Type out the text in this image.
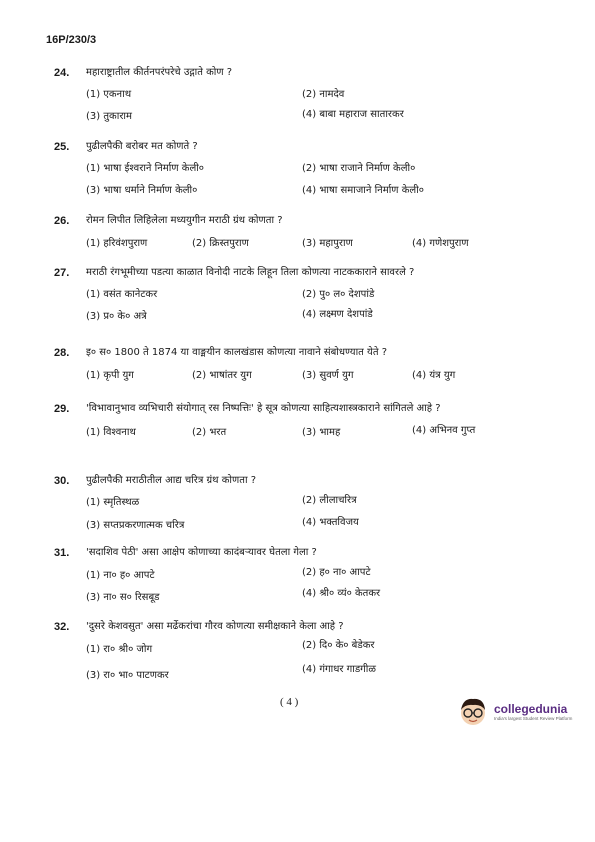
16P/230/3
24.	महाराष्ट्रातील कीर्तनपरंपरेचे उद्गाते कोण ?
(1) एकनाथ	(2) नामदेव
(3) तुकाराम	(4) बाबा महाराज सातारकर
25.	पुढीलपैकी बरोबर मत कोणते ?
(1) भाषा ईश्वराने निर्माण केली०	(2) भाषा राजाने निर्माण केली०
(3) भाषा धर्माने निर्माण केली०	(4) भाषा समाजाने निर्माण केली०
26.	रोमन लिपीत लिहिलेला मध्ययुगीन मराठी ग्रंथ कोणता ?
(1) हरिवंशपुराण	(2) क्रिस्तपुराण	(3) महापुराण	(4) गणेशपुराण
27.	मराठी रंगभूमीच्या पडत्या काळात विनोदी नाटके लिहून तिला कोणत्या नाटककाराने सावरले ?
(1) वसंत कानेटकर	(2) पु० ल० देशपांडे
(3) प्र० के० अत्रे	(4) लक्ष्मण देशपांडे
28.	इ० स० 1800 ते 1874 या वाङ्मयीन कालखंडास कोणत्या नावाने संबोधण्यात येते ?
(1) कृपी युग	(2) भाषांतर युग	(3) सुवर्ण युग	(4) यंत्र युग
29.	'विभावानुभाव व्यभिचारी संयोगात् रस निष्पत्तिः' हे सूत्र कोणत्या साहित्यशास्त्रकाराने सांगितले आहे ?
(1) विश्वनाथ	(2) भरत	(3) भामह	(4) अभिनव गुप्त
30.	पुढीलपैकी मराठीतील आद्य चरित्र ग्रंथ कोणता ?
(1) स्मृतिस्थळ	(2) लीलाचरित्र
(3) सप्तप्रकरणात्मक चरित्र	(4) भक्तविजय
31.	'सदाशिव पेठी' असा आक्षेप कोणाच्या कादंबऱ्यावर घेतला गेला ?
(1) ना० ह० आपटे	(2) ह० ना० आपटे
(3) ना० स० रिसबूड	(4) श्री० व्यं० केतकर
32.	'दुसरे केशवसुत' असा मर्ढेकरांचा गौरव कोणत्या समीक्षकाने केला आहे ?
(1) रा० श्री० जोग	(2) दि० के० बेडेकर
(3) रा० भा० पाटणकर
(4) गंगाधर गाडगीळ
( 4 )	collegedunia
India's largest Student Review Platform
